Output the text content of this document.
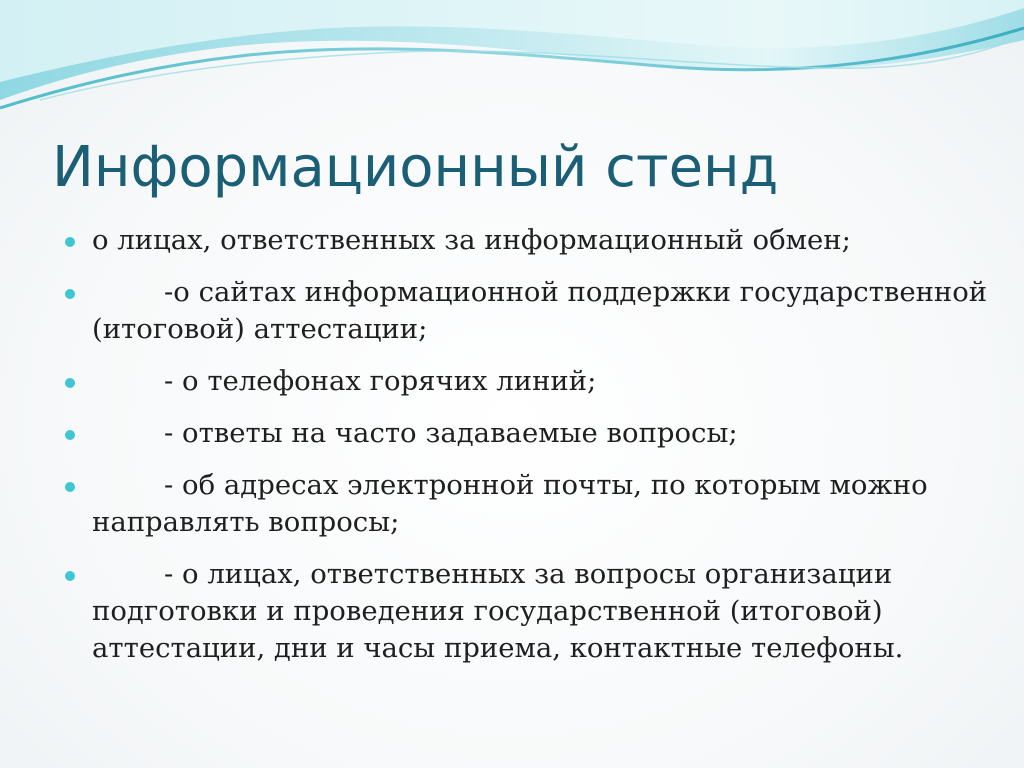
Информационный стенд
о лицах, ответственных за информационный обмен;
-о сайтах информационной поддержки государственной (итоговой) аттестации;
- о телефонах горячих линий;
- ответы на часто задаваемые вопросы;
- об адресах электронной почты, по которым можно направлять вопросы;
- о лицах, ответственных за вопросы организации подготовки и проведения государственной (итоговой) аттестации, дни и часы приема, контактные телефоны.
